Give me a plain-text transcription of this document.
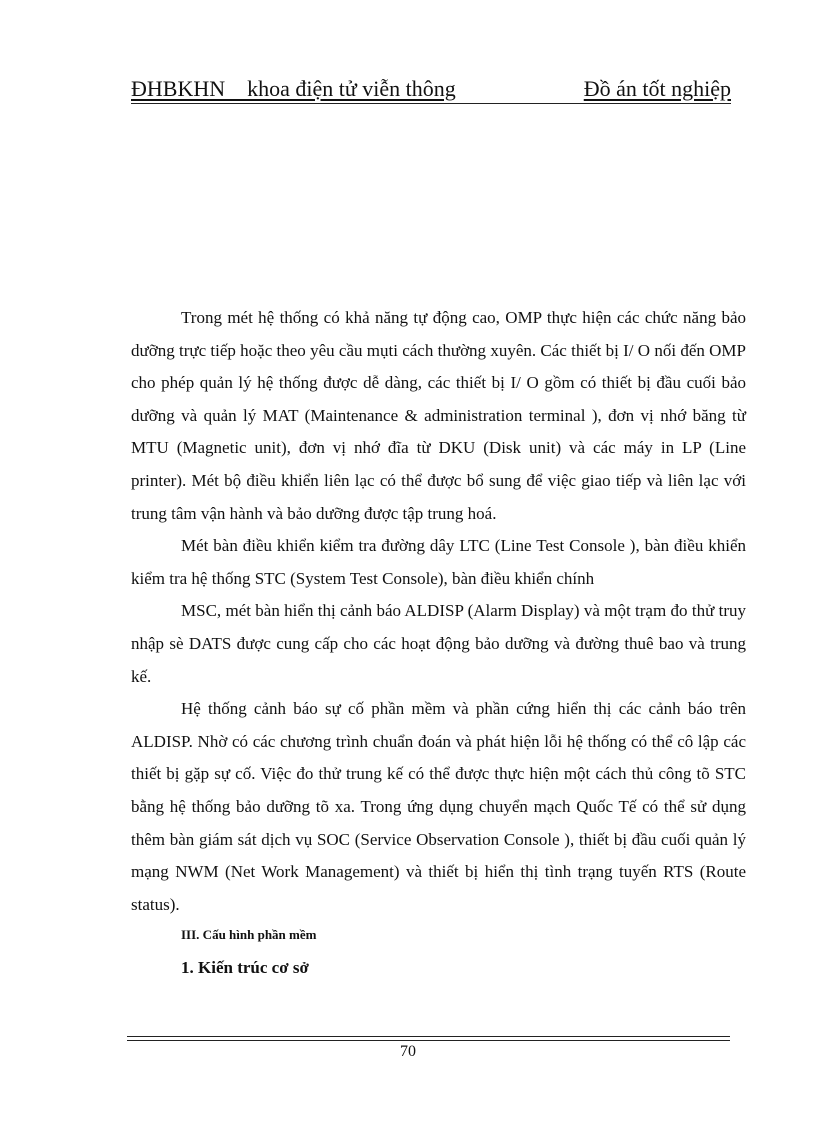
ĐHBKHN    khoa điện tử viễn thông	Đồ án tốt nghiệp

Trong mét hệ thống có khả năng tự động cao, OMP thực hiện các chức năng bảo dưỡng trực tiếp hoặc theo yêu cầu mụti cách thường xuyên. Các thiết bị I/ O nối đến OMP cho phép quản lý hệ thống được dễ dàng, các thiết bị I/ O gồm có thiết bị đầu cuối bảo dưỡng và quản lý MAT (Maintenance & administration terminal ), đơn vị nhớ băng từ MTU (Magnetic unit), đơn vị nhớ đĩa từ DKU (Disk unit) và các máy in LP (Line printer). Mét bộ điều khiển liên lạc có thể được bổ sung để việc giao tiếp và liên lạc với trung tâm vận hành và bảo dưỡng được tập trung hoá.

Mét bàn điều khiển kiểm tra đường dây LTC (Line Test Console ), bàn điều khiển kiểm tra hệ thống STC (System Test Console), bàn điều khiển chính

MSC, mét bàn hiển thị cảnh báo ALDISP (Alarm Display) và một trạm đo thử truy nhập sè DATS được cung cấp cho các hoạt động bảo dưỡng và đường thuê bao và trung kế.

Hệ thống cảnh báo sự cố phần mềm và phần cứng hiển thị các cảnh báo trên ALDISP. Nhờ có các chương trình chuẩn đoán và phát hiện lỗi hệ thống có thể cô lập các thiết bị gặp sự cố. Việc đo thử trung kế có thể được thực hiện một cách thủ công tõ STC bằng hệ thống bảo dưỡng tõ xa. Trong ứng dụng chuyển mạch Quốc Tế có thể sử dụng thêm bàn giám sát dịch vụ SOC (Service Observation Console ), thiết bị đầu cuối quản lý mạng NWM (Net Work Management) và thiết bị hiển thị tình trạng tuyến RTS (Route status).

III. Cấu hình phần mềm

1. Kiến trúc cơ sở

70
